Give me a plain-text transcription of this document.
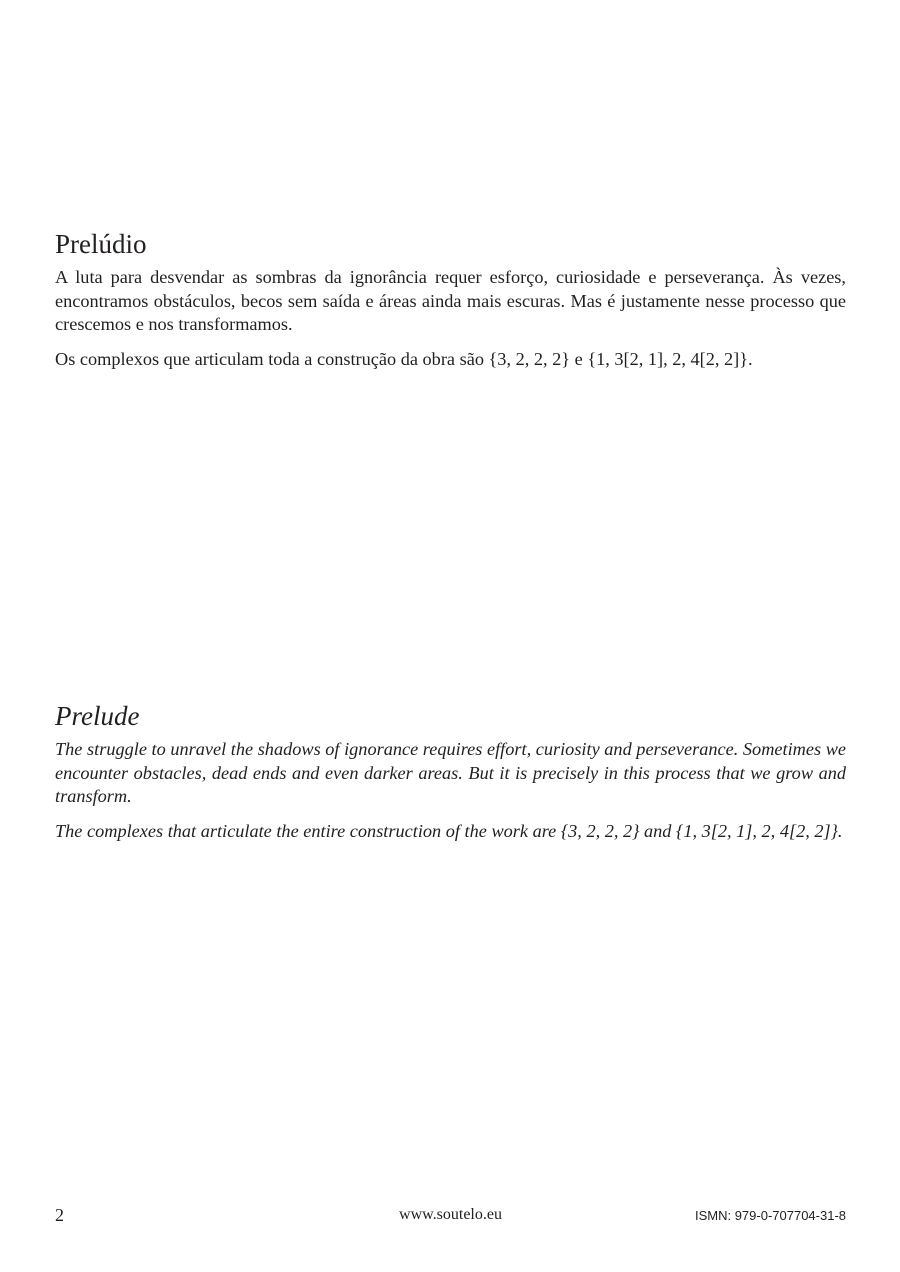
Prelúdio

A luta para desvendar as sombras da ignorância requer esforço, curiosidade e perseverança. Às vezes, encontramos obstáculos, becos sem saída e áreas ainda mais escuras. Mas é justamente nesse processo que crescemos e nos transformamos.

Os complexos que articulam toda a construção da obra são {3, 2, 2, 2} e {1, 3[2, 1], 2, 4[2, 2]}.

Prelude

The struggle to unravel the shadows of ignorance requires effort, curiosity and perseverance. Sometimes we encounter obstacles, dead ends and even darker areas. But it is precisely in this process that we grow and transform.

The complexes that articulate the entire construction of the work are {3, 2, 2, 2} and {1, 3[2, 1], 2, 4[2, 2]}.

2	www.soutelo.eu	ISMN: 979-0-707704-31-8
